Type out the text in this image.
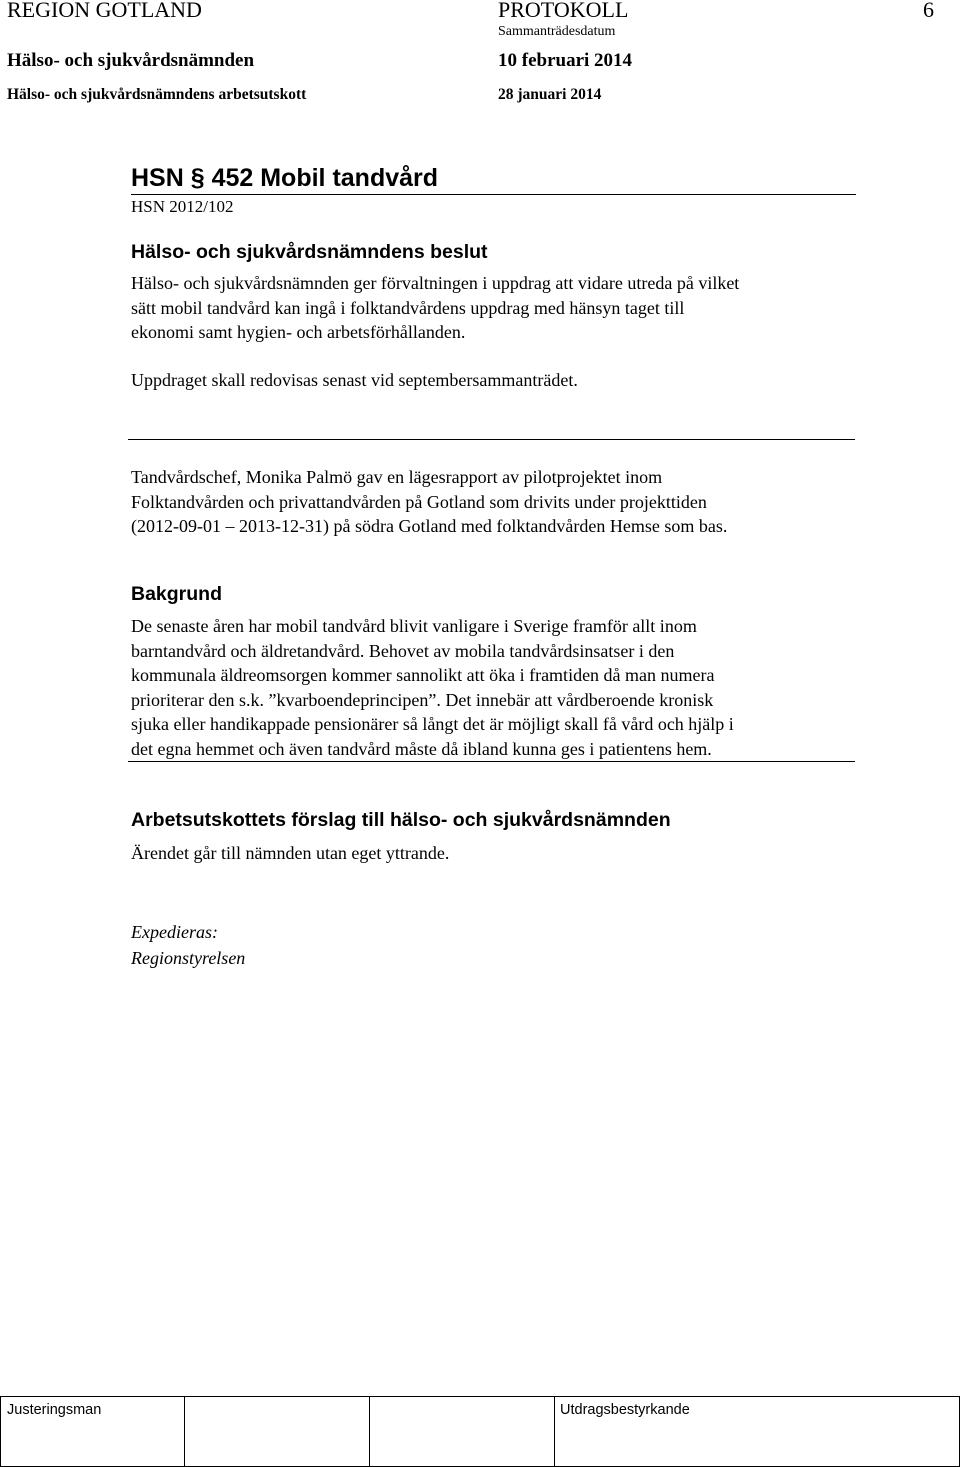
REGION GOTLAND	PROTOKOLL	6
Sammanträdesdatum
Hälso- och sjukvårdsnämnden	10 februari 2014
Hälso- och sjukvårdsnämndens arbetsutskott	28 januari 2014
HSN § 452 Mobil tandvård
HSN 2012/102
Hälso- och sjukvårdsnämndens beslut
Hälso- och sjukvårdsnämnden ger förvaltningen i uppdrag att vidare utreda på vilket
sätt mobil tandvård kan ingå i folktandvårdens uppdrag med hänsyn taget till
ekonomi samt hygien- och arbetsförhållanden.
Uppdraget skall redovisas senast vid septembersammanträdet.
Tandvårdschef, Monika Palmö gav en lägesrapport av pilotprojektet inom
Folktandvården och privattandvården på Gotland som drivits under projekttiden
(2012-09-01 – 2013-12-31) på södra Gotland med folktandvården Hemse som bas.
Bakgrund
De senaste åren har mobil tandvård blivit vanligare i Sverige framför allt inom
barntandvård och äldretandvård. Behovet av mobila tandvårdsinsatser i den
kommunala äldreomsorgen kommer sannolikt att öka i framtiden då man numera
prioriterar den s.k. ”kvarboendeprincipen”. Det innebär att vårdberoende kronisk
sjuka eller handikappade pensionärer så långt det är möjligt skall få vård och hjälp i
det egna hemmet och även tandvård måste då ibland kunna ges i patientens hem.
Arbetsutskottets förslag till hälso- och sjukvårdsnämnden
Ärendet går till nämnden utan eget yttrande.
Expedieras:
Regionstyrelsen
Justeringsman	Utdragsbestyrkande
